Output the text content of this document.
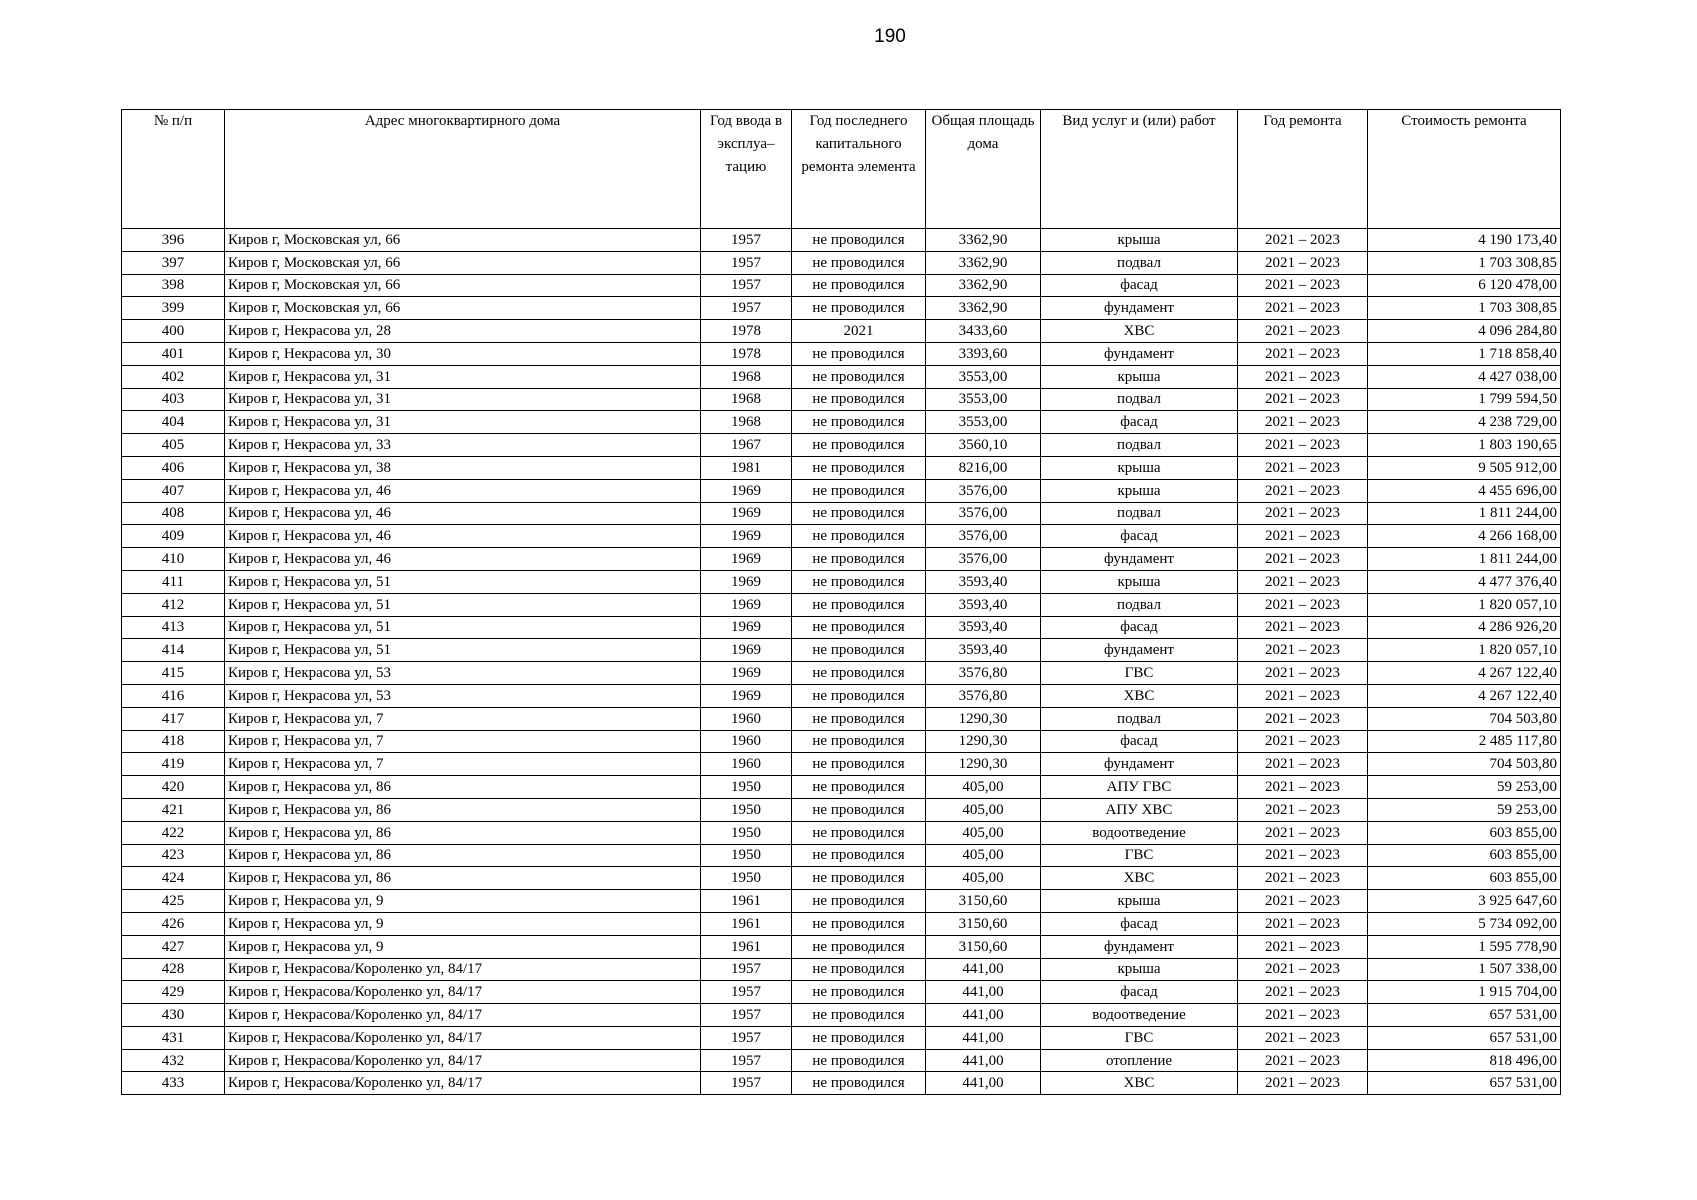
190
№ п/п	Адрес многоквартирного дома	Год ввода в эксплуа– тацию	Год последнего капитального ремонта элемента	Общая площадь дома	Вид услуг и (или) работ	Год ремонта	Стоимость ремонта
396	Киров г, Московская ул, 66	1957	не проводился	3362,90	крыша	2021 – 2023	4 190 173,40
397	Киров г, Московская ул, 66	1957	не проводился	3362,90	подвал	2021 – 2023	1 703 308,85
398	Киров г, Московская ул, 66	1957	не проводился	3362,90	фасад	2021 – 2023	6 120 478,00
399	Киров г, Московская ул, 66	1957	не проводился	3362,90	фундамент	2021 – 2023	1 703 308,85
400	Киров г, Некрасова ул, 28	1978	2021	3433,60	ХВС	2021 – 2023	4 096 284,80
401	Киров г, Некрасова ул, 30	1978	не проводился	3393,60	фундамент	2021 – 2023	1 718 858,40
402	Киров г, Некрасова ул, 31	1968	не проводился	3553,00	крыша	2021 – 2023	4 427 038,00
403	Киров г, Некрасова ул, 31	1968	не проводился	3553,00	подвал	2021 – 2023	1 799 594,50
404	Киров г, Некрасова ул, 31	1968	не проводился	3553,00	фасад	2021 – 2023	4 238 729,00
405	Киров г, Некрасова ул, 33	1967	не проводился	3560,10	подвал	2021 – 2023	1 803 190,65
406	Киров г, Некрасова ул, 38	1981	не проводился	8216,00	крыша	2021 – 2023	9 505 912,00
407	Киров г, Некрасова ул, 46	1969	не проводился	3576,00	крыша	2021 – 2023	4 455 696,00
408	Киров г, Некрасова ул, 46	1969	не проводился	3576,00	подвал	2021 – 2023	1 811 244,00
409	Киров г, Некрасова ул, 46	1969	не проводился	3576,00	фасад	2021 – 2023	4 266 168,00
410	Киров г, Некрасова ул, 46	1969	не проводился	3576,00	фундамент	2021 – 2023	1 811 244,00
411	Киров г, Некрасова ул, 51	1969	не проводился	3593,40	крыша	2021 – 2023	4 477 376,40
412	Киров г, Некрасова ул, 51	1969	не проводился	3593,40	подвал	2021 – 2023	1 820 057,10
413	Киров г, Некрасова ул, 51	1969	не проводился	3593,40	фасад	2021 – 2023	4 286 926,20
414	Киров г, Некрасова ул, 51	1969	не проводился	3593,40	фундамент	2021 – 2023	1 820 057,10
415	Киров г, Некрасова ул, 53	1969	не проводился	3576,80	ГВС	2021 – 2023	4 267 122,40
416	Киров г, Некрасова ул, 53	1969	не проводился	3576,80	ХВС	2021 – 2023	4 267 122,40
417	Киров г, Некрасова ул, 7	1960	не проводился	1290,30	подвал	2021 – 2023	704 503,80
418	Киров г, Некрасова ул, 7	1960	не проводился	1290,30	фасад	2021 – 2023	2 485 117,80
419	Киров г, Некрасова ул, 7	1960	не проводился	1290,30	фундамент	2021 – 2023	704 503,80
420	Киров г, Некрасова ул, 86	1950	не проводился	405,00	АПУ ГВС	2021 – 2023	59 253,00
421	Киров г, Некрасова ул, 86	1950	не проводился	405,00	АПУ ХВС	2021 – 2023	59 253,00
422	Киров г, Некрасова ул, 86	1950	не проводился	405,00	водоотведение	2021 – 2023	603 855,00
423	Киров г, Некрасова ул, 86	1950	не проводился	405,00	ГВС	2021 – 2023	603 855,00
424	Киров г, Некрасова ул, 86	1950	не проводился	405,00	ХВС	2021 – 2023	603 855,00
425	Киров г, Некрасова ул, 9	1961	не проводился	3150,60	крыша	2021 – 2023	3 925 647,60
426	Киров г, Некрасова ул, 9	1961	не проводился	3150,60	фасад	2021 – 2023	5 734 092,00
427	Киров г, Некрасова ул, 9	1961	не проводился	3150,60	фундамент	2021 – 2023	1 595 778,90
428	Киров г, Некрасова/Короленко ул, 84/17	1957	не проводился	441,00	крыша	2021 – 2023	1 507 338,00
429	Киров г, Некрасова/Короленко ул, 84/17	1957	не проводился	441,00	фасад	2021 – 2023	1 915 704,00
430	Киров г, Некрасова/Короленко ул, 84/17	1957	не проводился	441,00	водоотведение	2021 – 2023	657 531,00
431	Киров г, Некрасова/Короленко ул, 84/17	1957	не проводился	441,00	ГВС	2021 – 2023	657 531,00
432	Киров г, Некрасова/Короленко ул, 84/17	1957	не проводился	441,00	отопление	2021 – 2023	818 496,00
433	Киров г, Некрасова/Короленко ул, 84/17	1957	не проводился	441,00	ХВС	2021 – 2023	657 531,00
